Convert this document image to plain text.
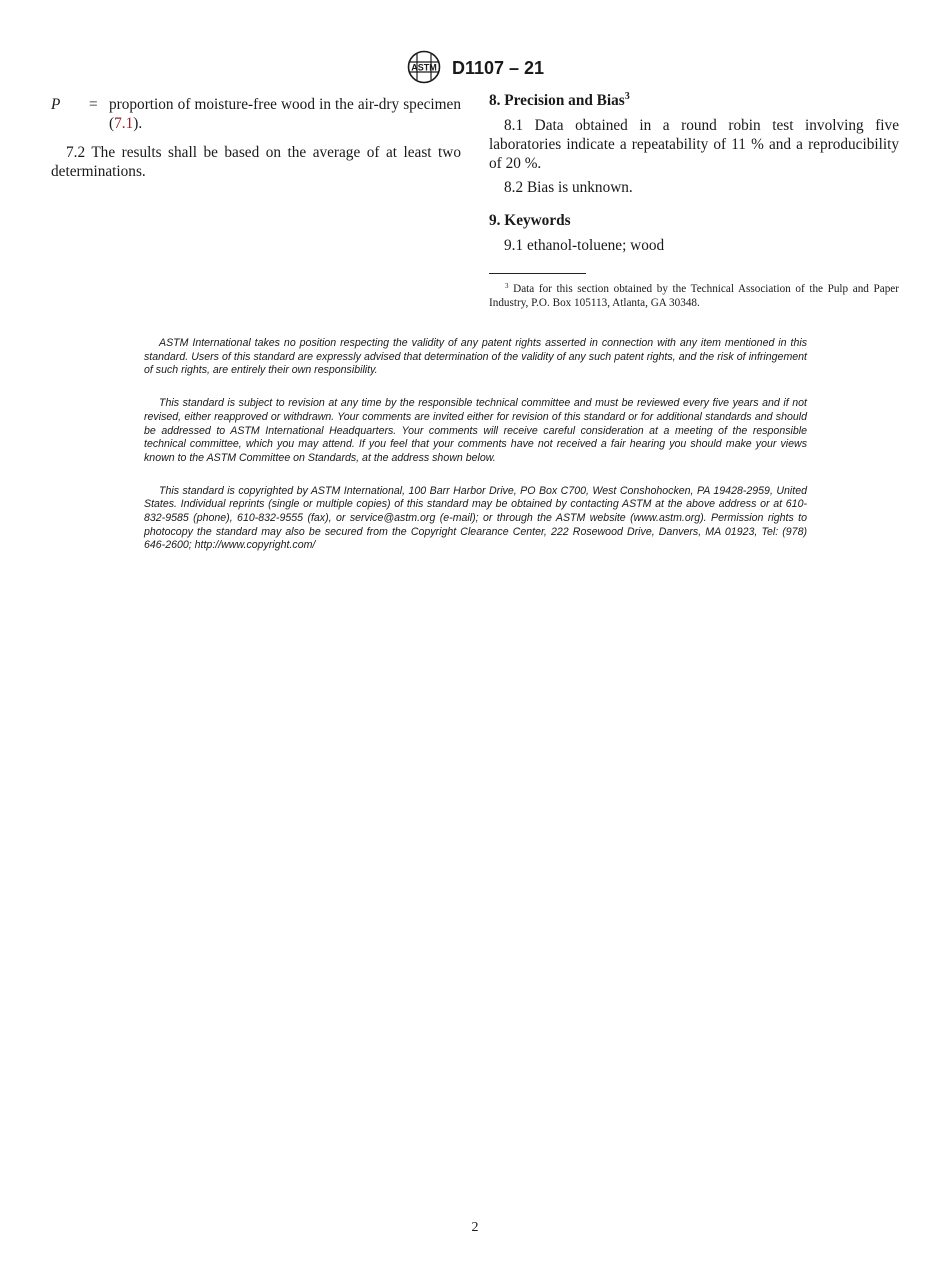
ASTM D1107 – 21
P	= proportion of moisture-free wood in the air-dry specimen (7.1).

7.2 The results shall be based on the average of at least two determinations.

8. Precision and Bias$^3$

8.1 Data obtained in a round robin test involving five laboratories indicate a repeatability of 11 % and a reproducibility of 20 %.

8.2 Bias is unknown.

9. Keywords

9.1 ethanol-toluene; wood

$^3$ Data for this section obtained by the Technical Association of the Pulp and Paper Industry, P.O. Box 105113, Atlanta, GA 30348.

ASTM International takes no position respecting the validity of any patent rights asserted in connection with any item mentioned in this standard. Users of this standard are expressly advised that determination of the validity of any such patent rights, and the risk of infringement of such rights, are entirely their own responsibility.

This standard is subject to revision at any time by the responsible technical committee and must be reviewed every five years and if not revised, either reapproved or withdrawn. Your comments are invited either for revision of this standard or for additional standards and should be addressed to ASTM International Headquarters. Your comments will receive careful consideration at a meeting of the responsible technical committee, which you may attend. If you feel that your comments have not received a fair hearing you should make your views known to the ASTM Committee on Standards, at the address shown below.

This standard is copyrighted by ASTM International, 100 Barr Harbor Drive, PO Box C700, West Conshohocken, PA 19428-2959, United States. Individual reprints (single or multiple copies) of this standard may be obtained by contacting ASTM at the above address or at 610-832-9585 (phone), 610-832-9555 (fax), or service@astm.org (e-mail); or through the ASTM website (www.astm.org). Permission rights to photocopy the standard may also be secured from the Copyright Clearance Center, 222 Rosewood Drive, Danvers, MA 01923, Tel: (978) 646-2600; http://www.copyright.com/

2
